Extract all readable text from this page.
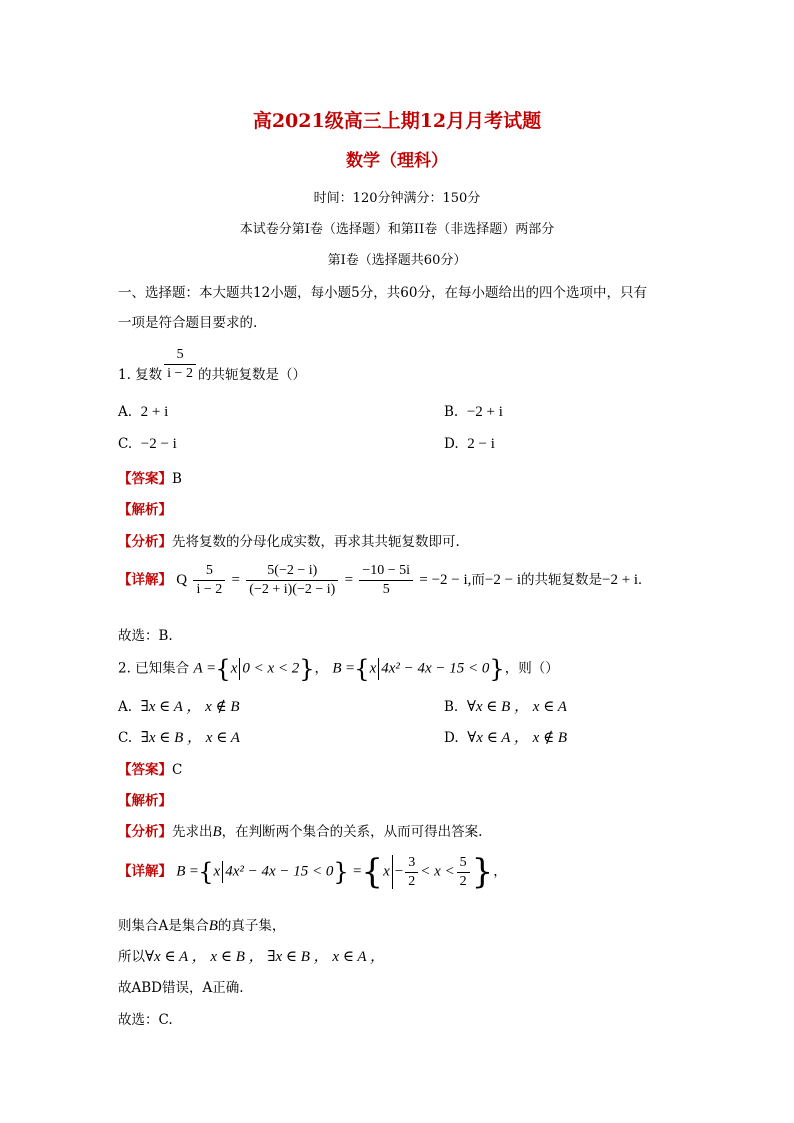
高2021级高三上期12月月考试题
数学（理科）
时间：120分钟满分：150分
本试卷分第I卷（选择题）和第II卷（非选择题）两部分
第I卷（选择题共60分）
一、选择题：本大题共12小题，每小题5分，共60分，在每小题给出的四个选项中，只有
一项是符合题目要求的.
1. 复数 $\frac{5}{i - 2}$ 的共轭复数是（）
A. 2 + i	B. −2 + i
C. −2 − i	D. 2 − i
【答案】B
【解析】
【分析】先将复数的分母化成实数，再求其共轭复数即可.
【详解】 Q $\frac{5}{i - 2} = \frac{5(-2 - i)}{(-2 + i)(-2 - i)} = \frac{-10 - 5i}{5} = -2 - i$,而−2 − i的共轭复数是−2 + i.
故选：B.
2. 已知集合 A ={x 0 < x < 2}， B ={x 4x² − 4x − 15 < 0}，则（）
A. ∃x ∈ A ， x ∉ B	B. ∀x ∈ B ， x ∈ A
C. ∃x ∈ B ， x ∈ A	D. ∀x ∈ A ， x ∉ B
【答案】C
【解析】
【分析】先求出B，在判断两个集合的关系，从而可得出答案.
【详解】 B ={x $4x^2 - 4x - 15 < 0\} =\{x - \frac{3}{2} < x < \frac{5}{2}$ }，
则集合A是集合B的真子集，
所以∀x ∈ A ， x ∈ B ， ∃x ∈ B ， x ∈ A ，
故ABD错误，A正确.
故选：C.
